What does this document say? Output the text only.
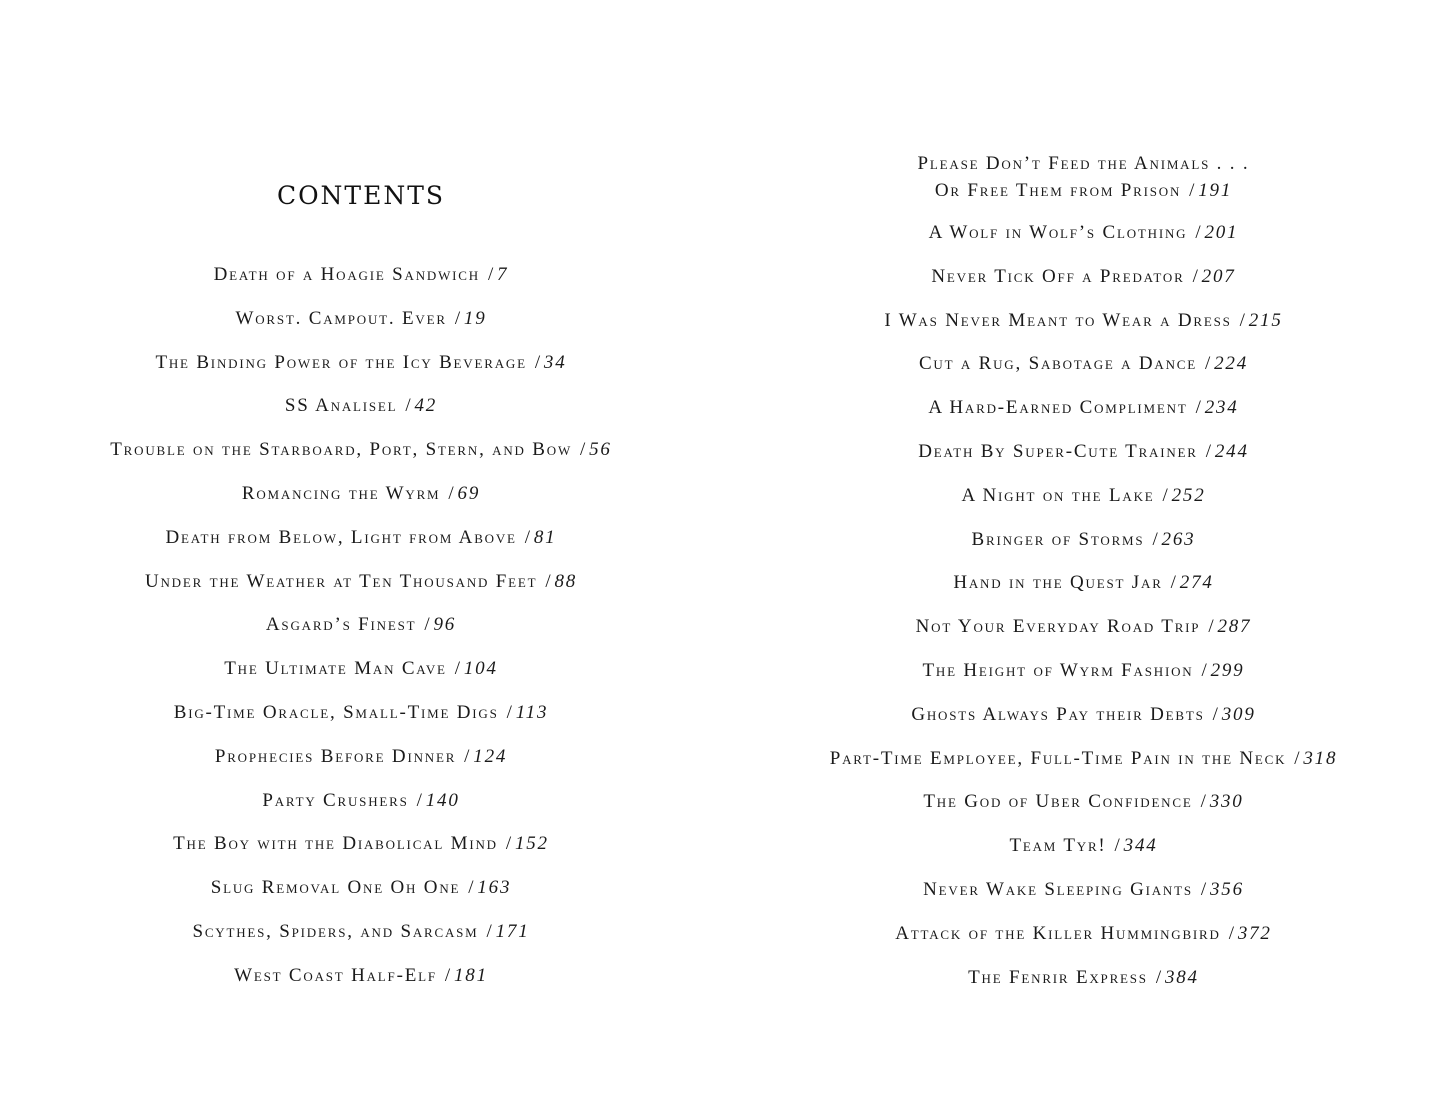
contents
Death of a Hoagie Sandwich / 7
Worst. Campout. Ever / 19
The Binding Power of the Icy Beverage / 34
SS Analisel / 42
Trouble on the Starboard, Port, Stern, and Bow / 56
Romancing the Wyrm / 69
Death from Below, Light from Above / 81
Under the Weather at Ten Thousand Feet / 88
Asgard’s Finest / 96
The Ultimate Man Cave / 104
Big-Time Oracle, Small-Time Digs / 113
Prophecies Before Dinner / 124
Party Crushers / 140
The Boy with the Diabolical Mind / 152
Slug Removal One Oh One / 163
Scythes, Spiders, and Sarcasm / 171
West Coast Half-Elf / 181
Please Don’t Feed the Animals . . .
Or Free Them from Prison / 191
A Wolf in Wolf’s Clothing / 201
Never Tick Off a Predator / 207
I Was Never Meant to Wear a Dress / 215
Cut a Rug, Sabotage a Dance / 224
A Hard-Earned Compliment / 234
Death By Super-Cute Trainer / 244
A Night on the Lake / 252
Bringer of Storms / 263
Hand in the Quest Jar / 274
Not Your Everyday Road Trip / 287
The Height of Wyrm Fashion / 299
Ghosts Always Pay their Debts / 309
Part-Time Employee, Full-Time Pain in the Neck / 318
The God of Uber Confidence / 330
Team Tyr! / 344
Never Wake Sleeping Giants / 356
Attack of the Killer Hummingbird / 372
The Fenrir Express / 384
